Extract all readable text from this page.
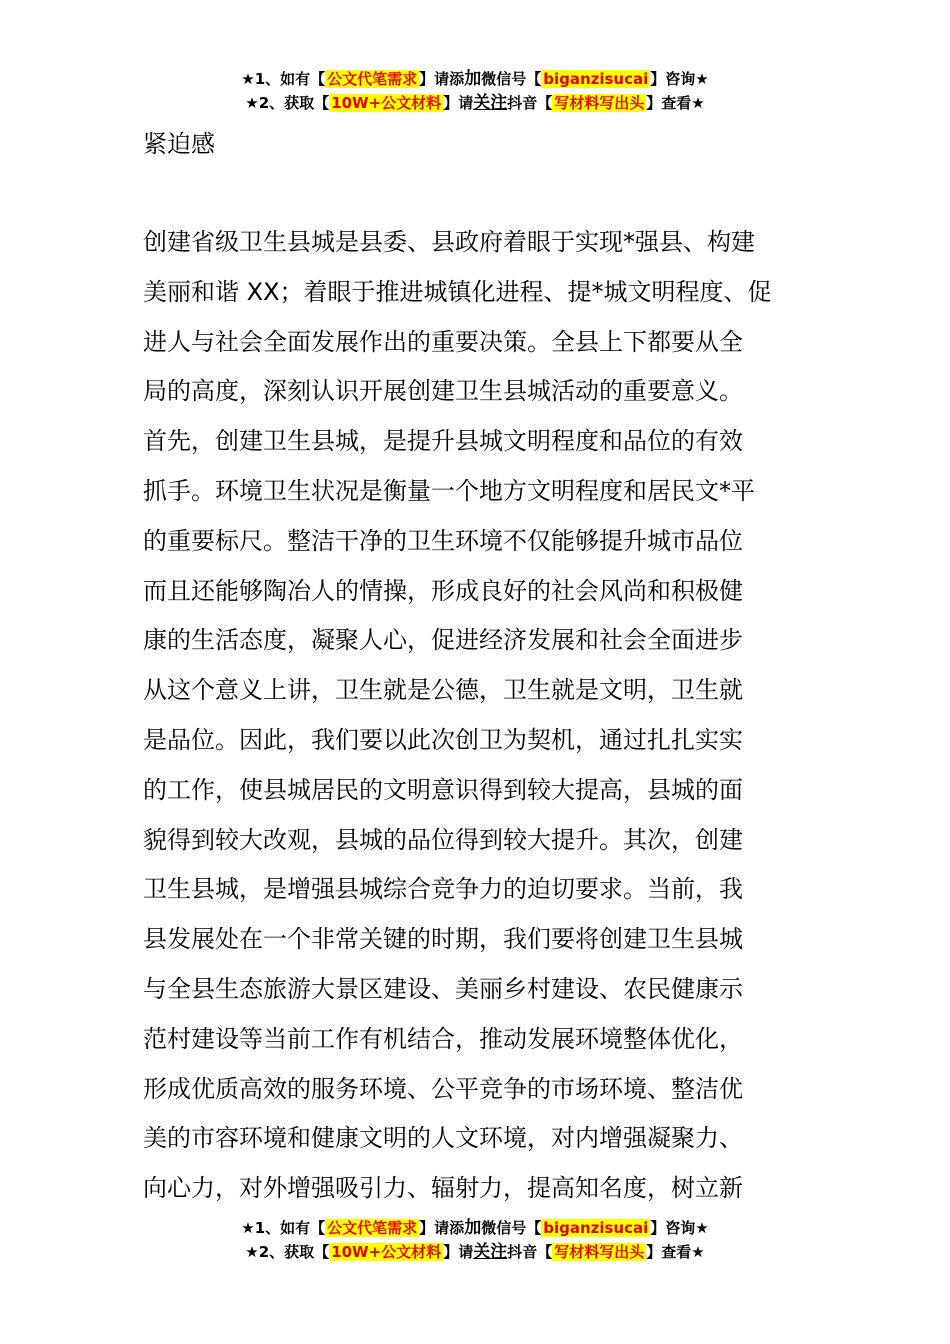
★1、如有【 公文代笔需求 】请添加微信号【 biganzisucai 】咨询★
★2、获取【 10W+公文材料 】请关注抖音【 写材料写出头 】查看★

紧迫感

创建省级卫生县城是县委、县政府着眼于实现*强县、构建
美丽和谐 XX；着眼于推进城镇化进程、提*城文明程度、促
进人与社会全面发展作出的重要决策。全县上下都要从全
局的高度，深刻认识开展创建卫生县城活动的重要意义。
首先，创建卫生县城，是提升县城文明程度和品位的有效
抓手。环境卫生状况是衡量一个地方文明程度和居民文*平
的重要标尺。整洁干净的卫生环境不仅能够提升城市品位
而且还能够陶冶人的情操，形成良好的社会风尚和积极健
康的生活态度，凝聚人心，促进经济发展和社会全面进步
从这个意义上讲，卫生就是公德，卫生就是文明，卫生就
是品位。因此，我们要以此次创卫为契机，通过扎扎实实
的工作，使县城居民的文明意识得到较大提高，县城的面
貌得到较大改观，县城的品位得到较大提升。其次，创建
卫生县城，是增强县城综合竞争力的迫切要求。当前，我
县发展处在一个非常关键的时期，我们要将创建卫生县城
与全县生态旅游大景区建设、美丽乡村建设、农民健康示
范村建设等当前工作有机结合，推动发展环境整体优化，
形成优质高效的服务环境、公平竞争的市场环境、整洁优
美的市容环境和健康文明的人文环境，对内增强凝聚力、
向心力，对外增强吸引力、辐射力，提高知名度，树立新
★1、如有【 公文代笔需求 】请添加微信号【 biganzisucai 】咨询★
★2、获取【 10W+公文材料 】请关注抖音【 写材料写出头 】查看★
